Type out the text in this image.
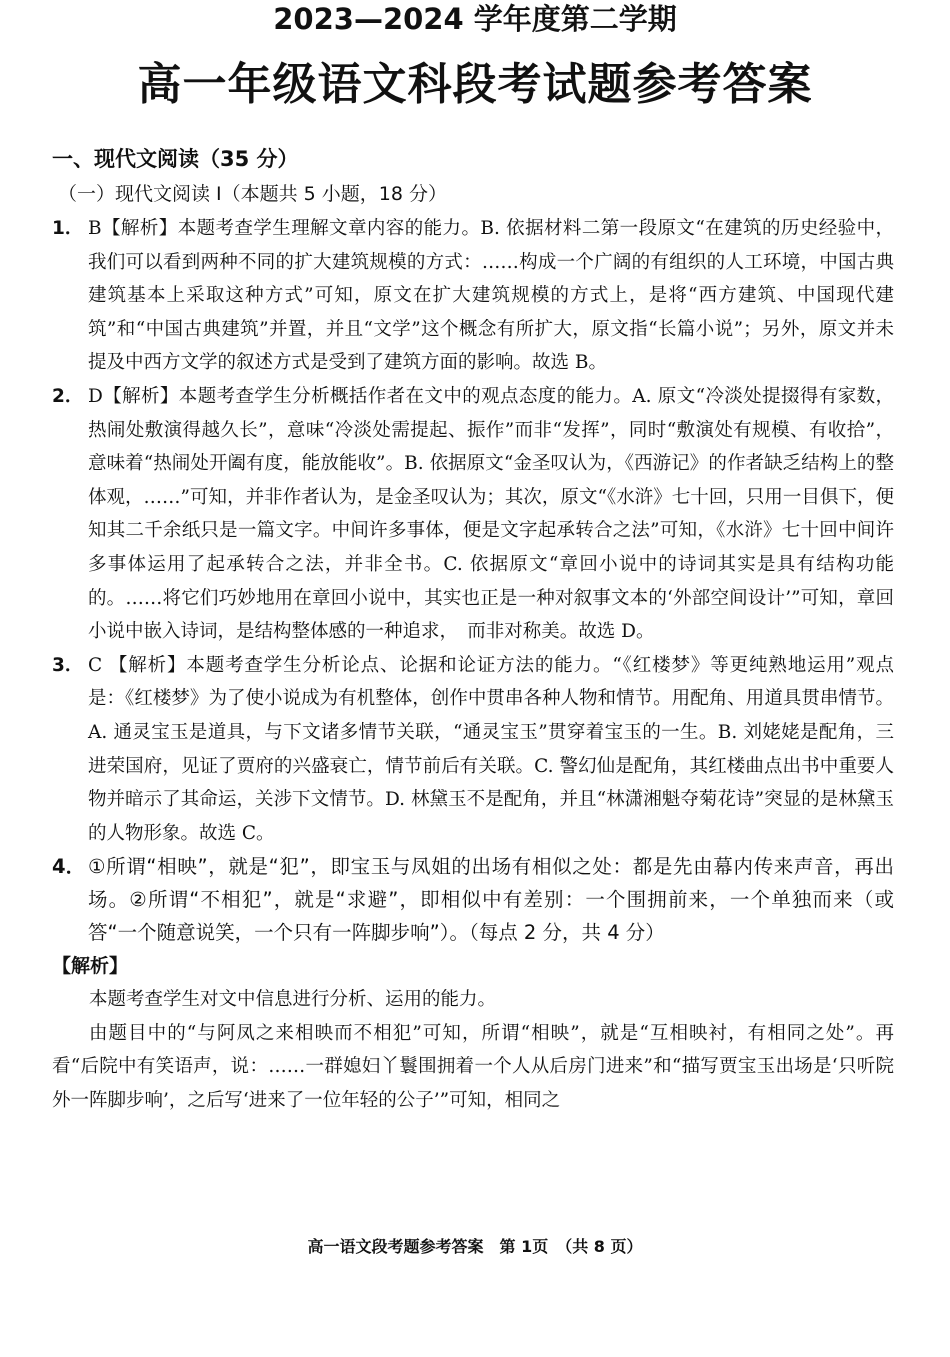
2023—2024 学年度第二学期
高一年级语文科段考试题参考答案
一、现代文阅读（35 分）
（一）现代文阅读 I（本题共 5 小题，18 分）
1． B【解析】本题考查学生理解文章内容的能力。B. 依据材料二第一段原文“在建筑的历史经验中，我们可以看到两种不同的扩大建筑规模的方式：……构成一个广阔的有组织的人工环境，中国古典建筑基本上采取这种方式”可知，原文在扩大建筑规模的方式上，是将“西方建筑、中国现代建筑”和“中国古典建筑”并置，并且“文学”这个概念有所扩大，原文指“长篇小说”；另外，原文并未提及中西方文学的叙述方式是受到了建筑方面的影响。故选 B。
2． D【解析】本题考查学生分析概括作者在文中的观点态度的能力。A. 原文“冷淡处提掇得有家数，热闹处敷演得越久长”，意味“冷淡处需提起、振作”而非“发挥”，同时“敷演处有规模、有收拾”，意味着“热闹处开阖有度，能放能收”。B. 依据原文“金圣叹认为，《西游记》的作者缺乏结构上的整体观，……”可知，并非作者认为，是金圣叹认为；其次，原文“《水浒》七十回，只用一目俱下，便知其二千余纸只是一篇文字。中间许多事体，便是文字起承转合之法”可知，《水浒》七十回中间许多事体运用了起承转合之法，并非全书。C. 依据原文“章回小说中的诗词其实是具有结构功能的。……将它们巧妙地用在章回小说中，其实也正是一种对叙事文本的‘外部空间设计’”可知，章回小说中嵌入诗词，是结构整体感的一种追求，　而非对称美。故选 D。
3． C 【解析】本题考查学生分析论点、论据和论证方法的能力。“《红楼梦》等更纯熟地运用”观点是：《红楼梦》为了使小说成为有机整体，创作中贯串各种人物和情节。用配角、用道具贯串情节。A. 通灵宝玉是道具，与下文诸多情节关联，“通灵宝玉”贯穿着宝玉的一生。B. 刘姥姥是配角，三进荣国府，见证了贾府的兴盛衰亡，情节前后有关联。C. 警幻仙是配角，其红楼曲点出书中重要人物并暗示了其命运，关涉下文情节。D. 林黛玉不是配角，并且“林潇湘魁夺菊花诗”突显的是林黛玉的人物形象。故选 C。
4． ①所谓“相映”，就是“犯”，即宝玉与凤姐的出场有相似之处：都是先由幕内传来声音，再出场。②所谓“不相犯”，就是“求避”，即相似中有差别：一个围拥前来，一个单独而来（或答“一个随意说笑，一个只有一阵脚步响”）。（每点 2 分，共 4 分）
【解析】
本题考查学生对文中信息进行分析、运用的能力。
由题目中的“与阿凤之来相映而不相犯”可知，所谓“相映”，就是“互相映衬，有相同之处”。再看“后院中有笑语声，说：……一群媳妇丫鬟围拥着一个人从后房门进来”和“描写贾宝玉出场是‘只听院外一阵脚步响’，之后写‘进来了一位年轻的公子’”可知，相同之
高一语文段考题参考答案　第 1页　（共 8 页）
